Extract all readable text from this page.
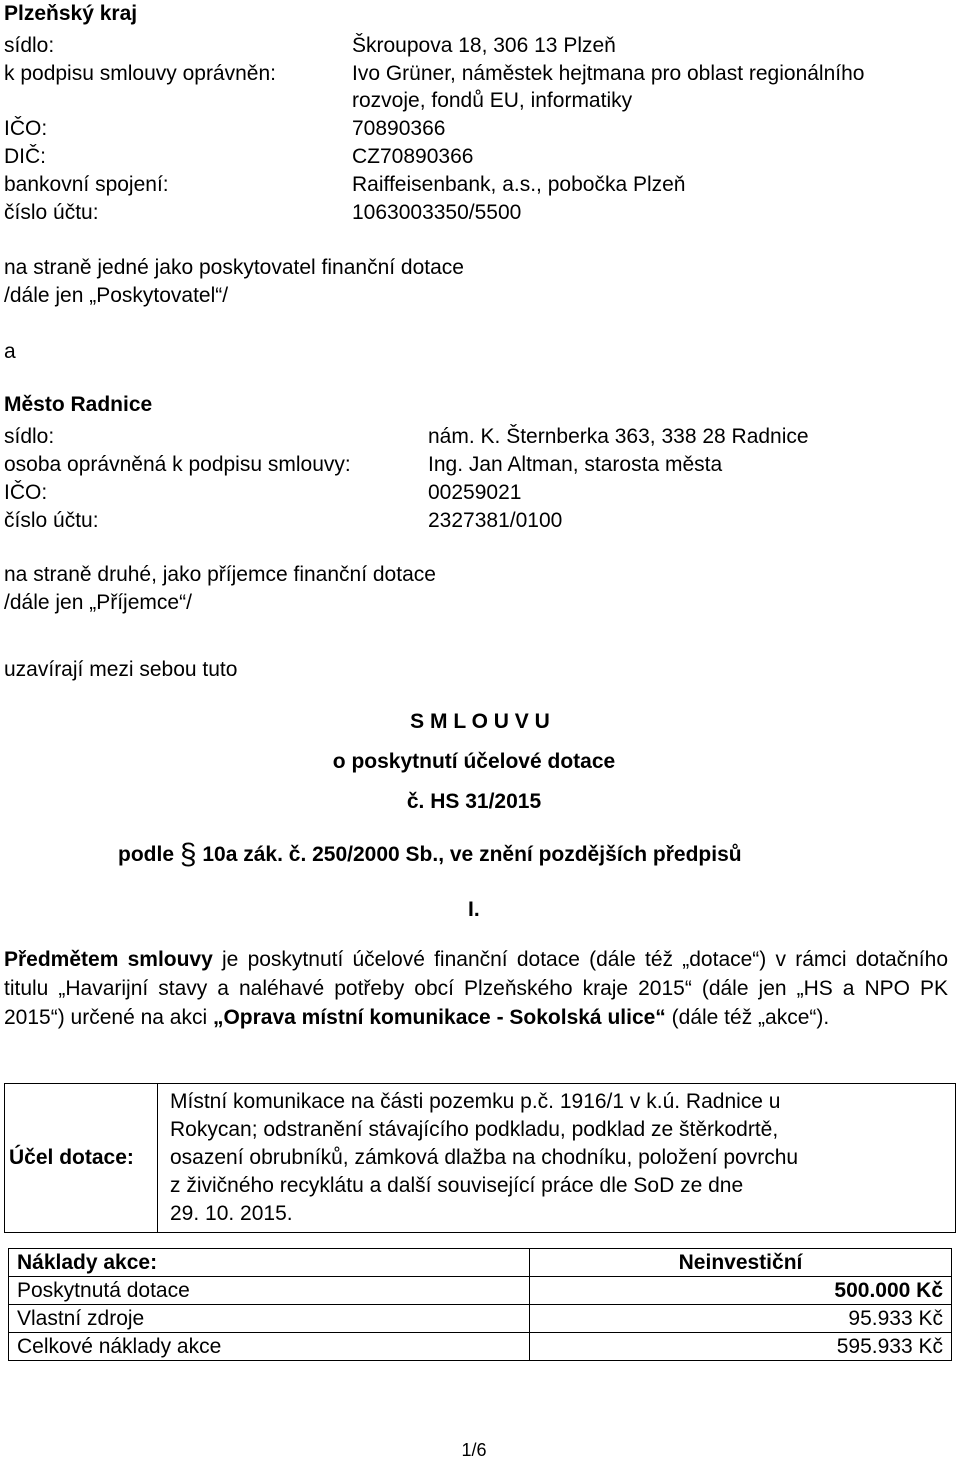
Plzeňský kraj
sídlo:	Škroupova 18, 306 13 Plzeň
k podpisu smlouvy oprávněn:	Ivo Grüner, náměstek hejtmana pro oblast regionálního
rozvoje, fondů EU, informatiky
IČO:	70890366
DIČ:	CZ70890366
bankovní spojení:	Raiffeisenbank, a.s., pobočka Plzeň
číslo účtu:	1063003350/5500
na straně jedné jako poskytovatel finanční dotace
/dále jen „Poskytovatel“/
a
Město Radnice
sídlo:	nám. K. Šternberka 363, 338 28 Radnice
osoba oprávněná k podpisu smlouvy:	Ing. Jan Altman, starosta města
IČO:	00259021
číslo účtu:	2327381/0100
na straně druhé, jako příjemce finanční dotace
/dále jen „Příjemce“/
uzavírají mezi sebou tuto
S M L O U V U
o poskytnutí účelové dotace
č. HS 31/2015
podle § 10a zák. č. 250/2000 Sb., ve znění pozdějších předpisů
I.
Předmětem smlouvy je poskytnutí účelové finanční dotace (dále též „dotace“) v rámci dotačního titulu „Havarijní stavy a naléhavé potřeby obcí Plzeňského kraje 2015“ (dále jen „HS a NPO PK 2015“) určené na akci „Oprava místní komunikace - Sokolská ulice“ (dále též „akce“).
Účel dotace:	
Místní komunikace na části pozemku p.č. 1916/1 v k.ú. Radnice u
Rokycan; odstranění stávajícího podkladu, podklad ze štěrkodrtě,
osazení obrubníků, zámková dlažba na chodníku, položení povrchu
z živičného recyklátu a další související práce dle SoD ze dne
29. 10. 2015.
Náklady akce:	Neinvestiční
Poskytnutá dotace	500.000 Kč
Vlastní zdroje	95.933 Kč
Celkové náklady akce	595.933 Kč
1/6
